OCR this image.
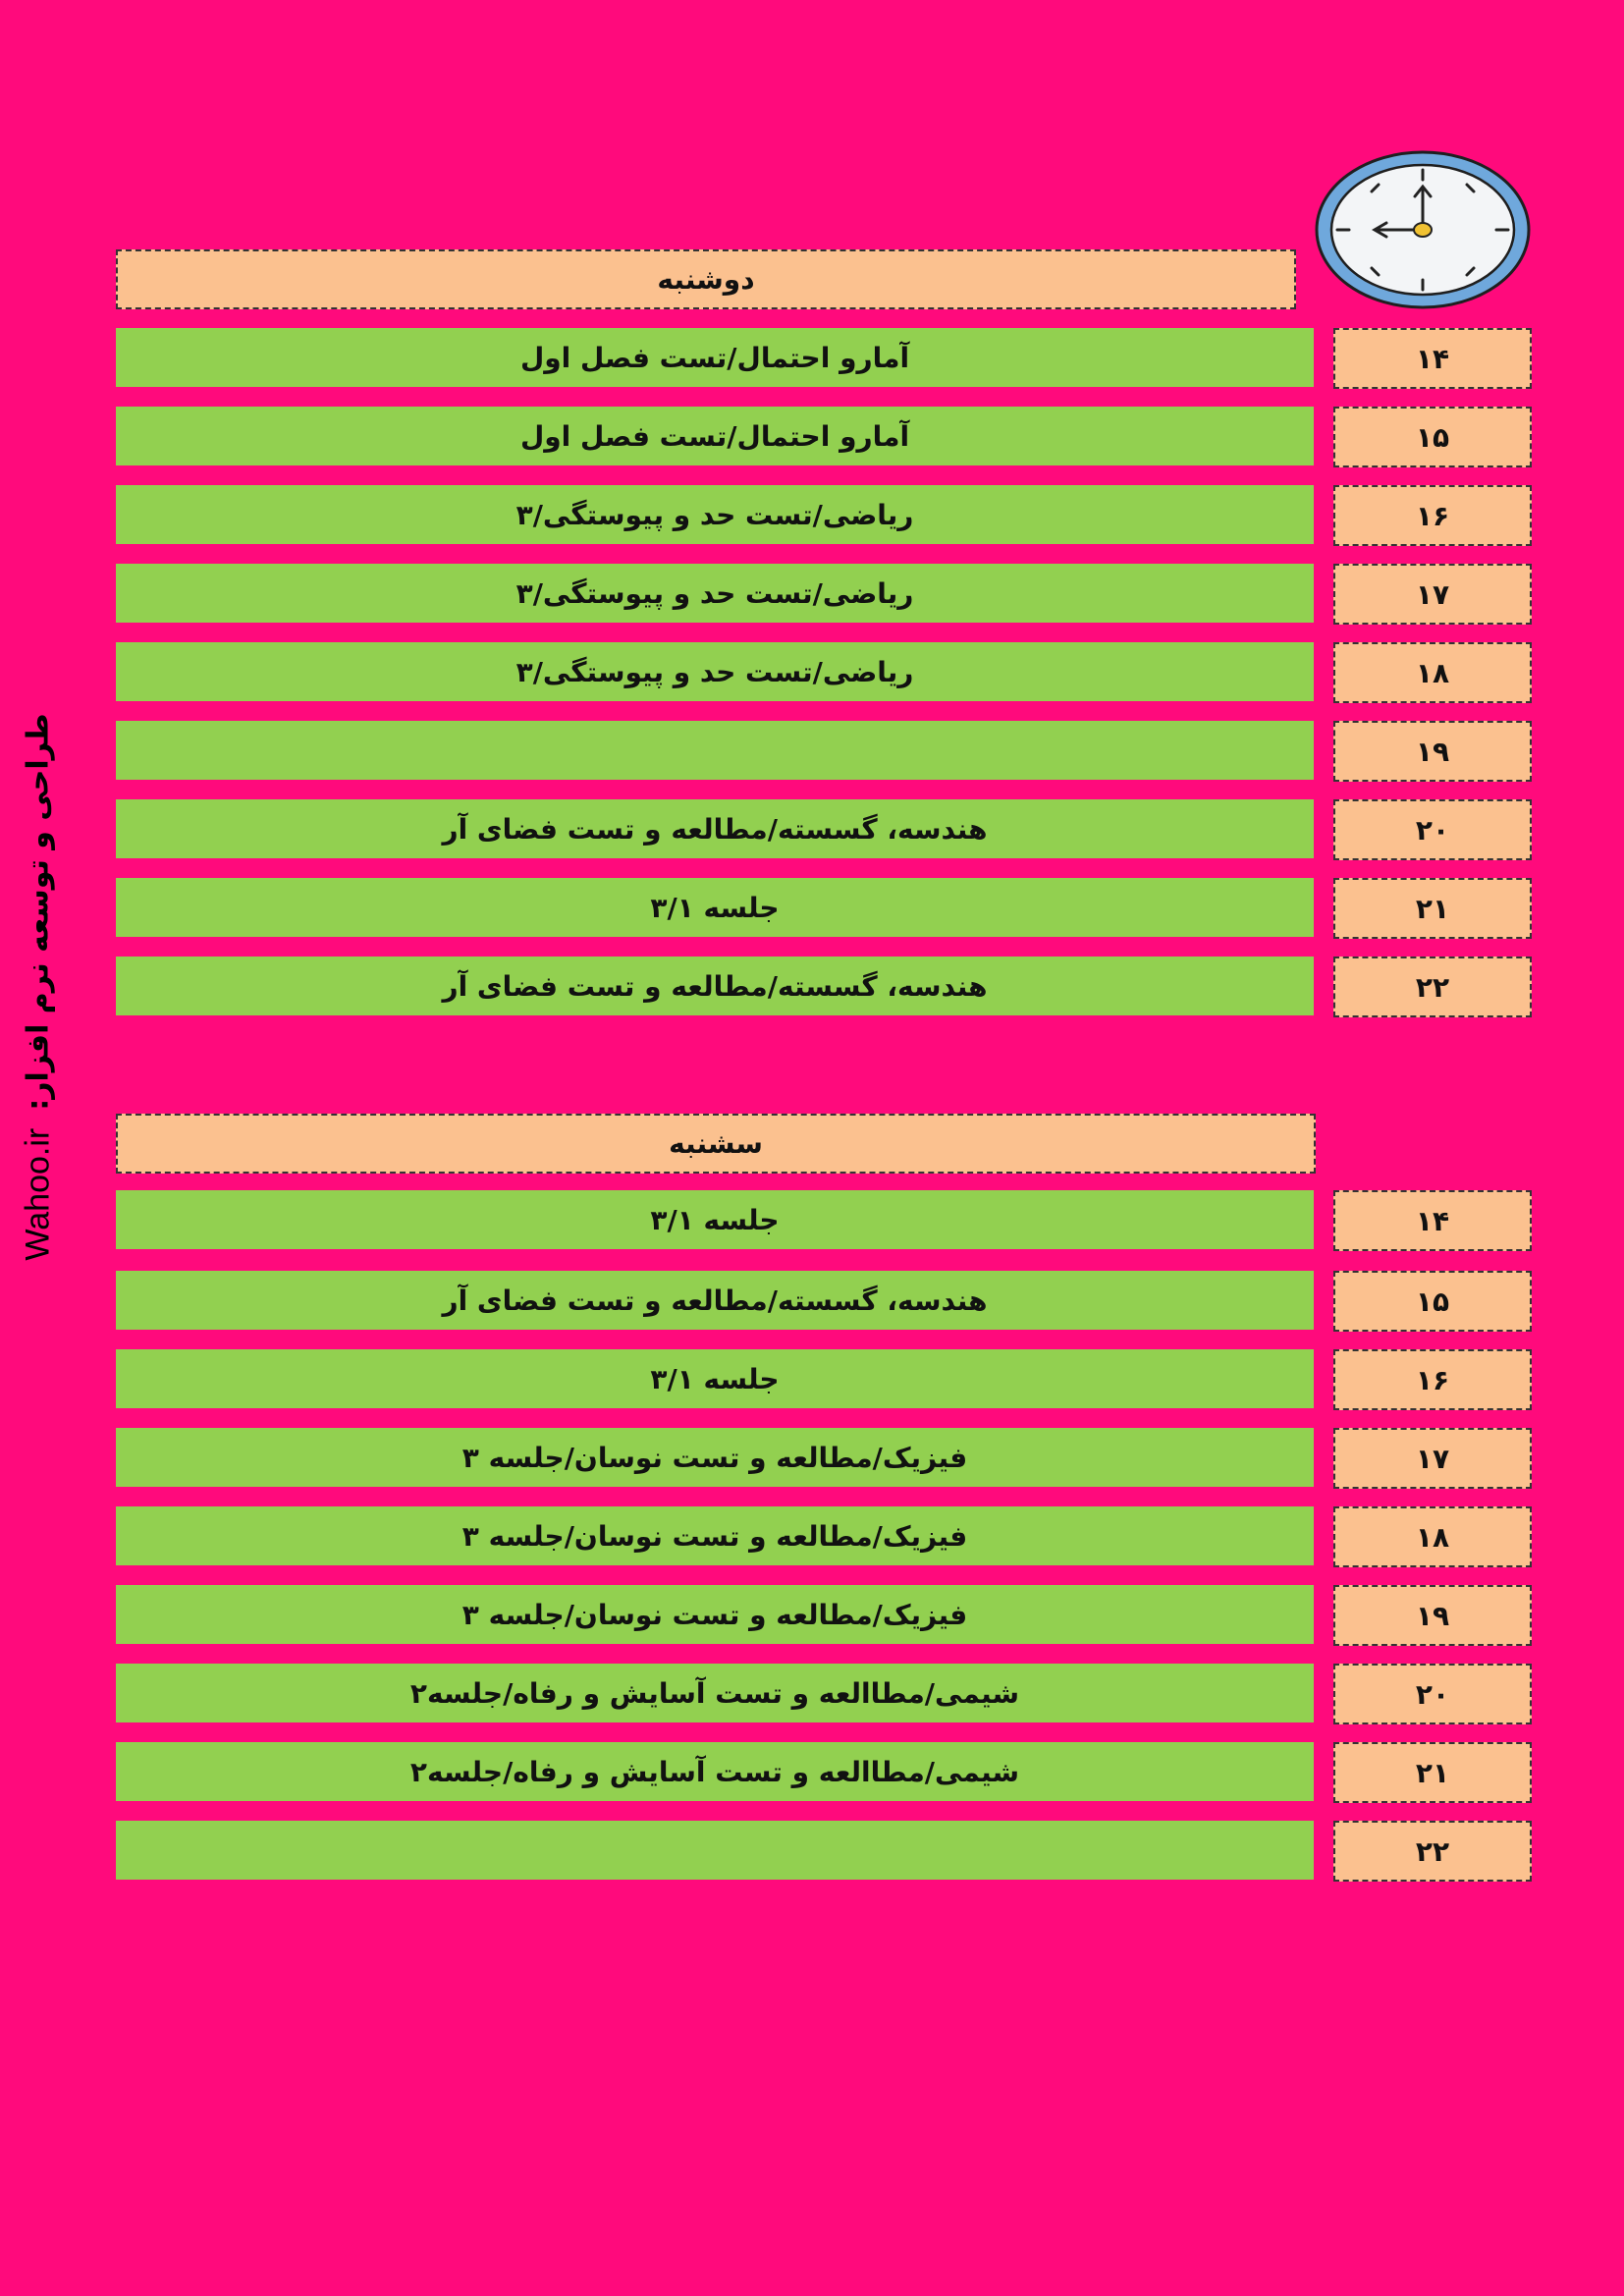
Wahoo.ir
طراحی و توسعه نرم افزار:
دوشنبه
آمارو احتمال/تست فصل اول	۱۴
آمارو احتمال/تست فصل اول	۱۵
ریاضی/تست حد و پیوستگی/۳	۱۶
ریاضی/تست حد و پیوستگی/۳	۱۷
ریاضی/تست حد و پیوستگی/۳	۱۸
۱۹
هندسه، گسسته/مطالعه و تست فضای آر	۲۰
جلسه ۳/۱	۲۱
هندسه، گسسته/مطالعه و تست فضای آر	۲۲
سشنبه
جلسه ۳/۱	۱۴
هندسه، گسسته/مطالعه و تست فضای آر	۱۵
جلسه ۳/۱	۱۶
فیزیک/مطالعه و تست نوسان/جلسه ۳	۱۷
فیزیک/مطالعه و تست نوسان/جلسه ۳	۱۸
فیزیک/مطالعه و تست نوسان/جلسه ۳	۱۹
شیمی/مطاالعه و تست آسایش و رفاه/جلسه۲	۲۰
شیمی/مطاالعه و تست آسایش و رفاه/جلسه۲	۲۱
۲۲
